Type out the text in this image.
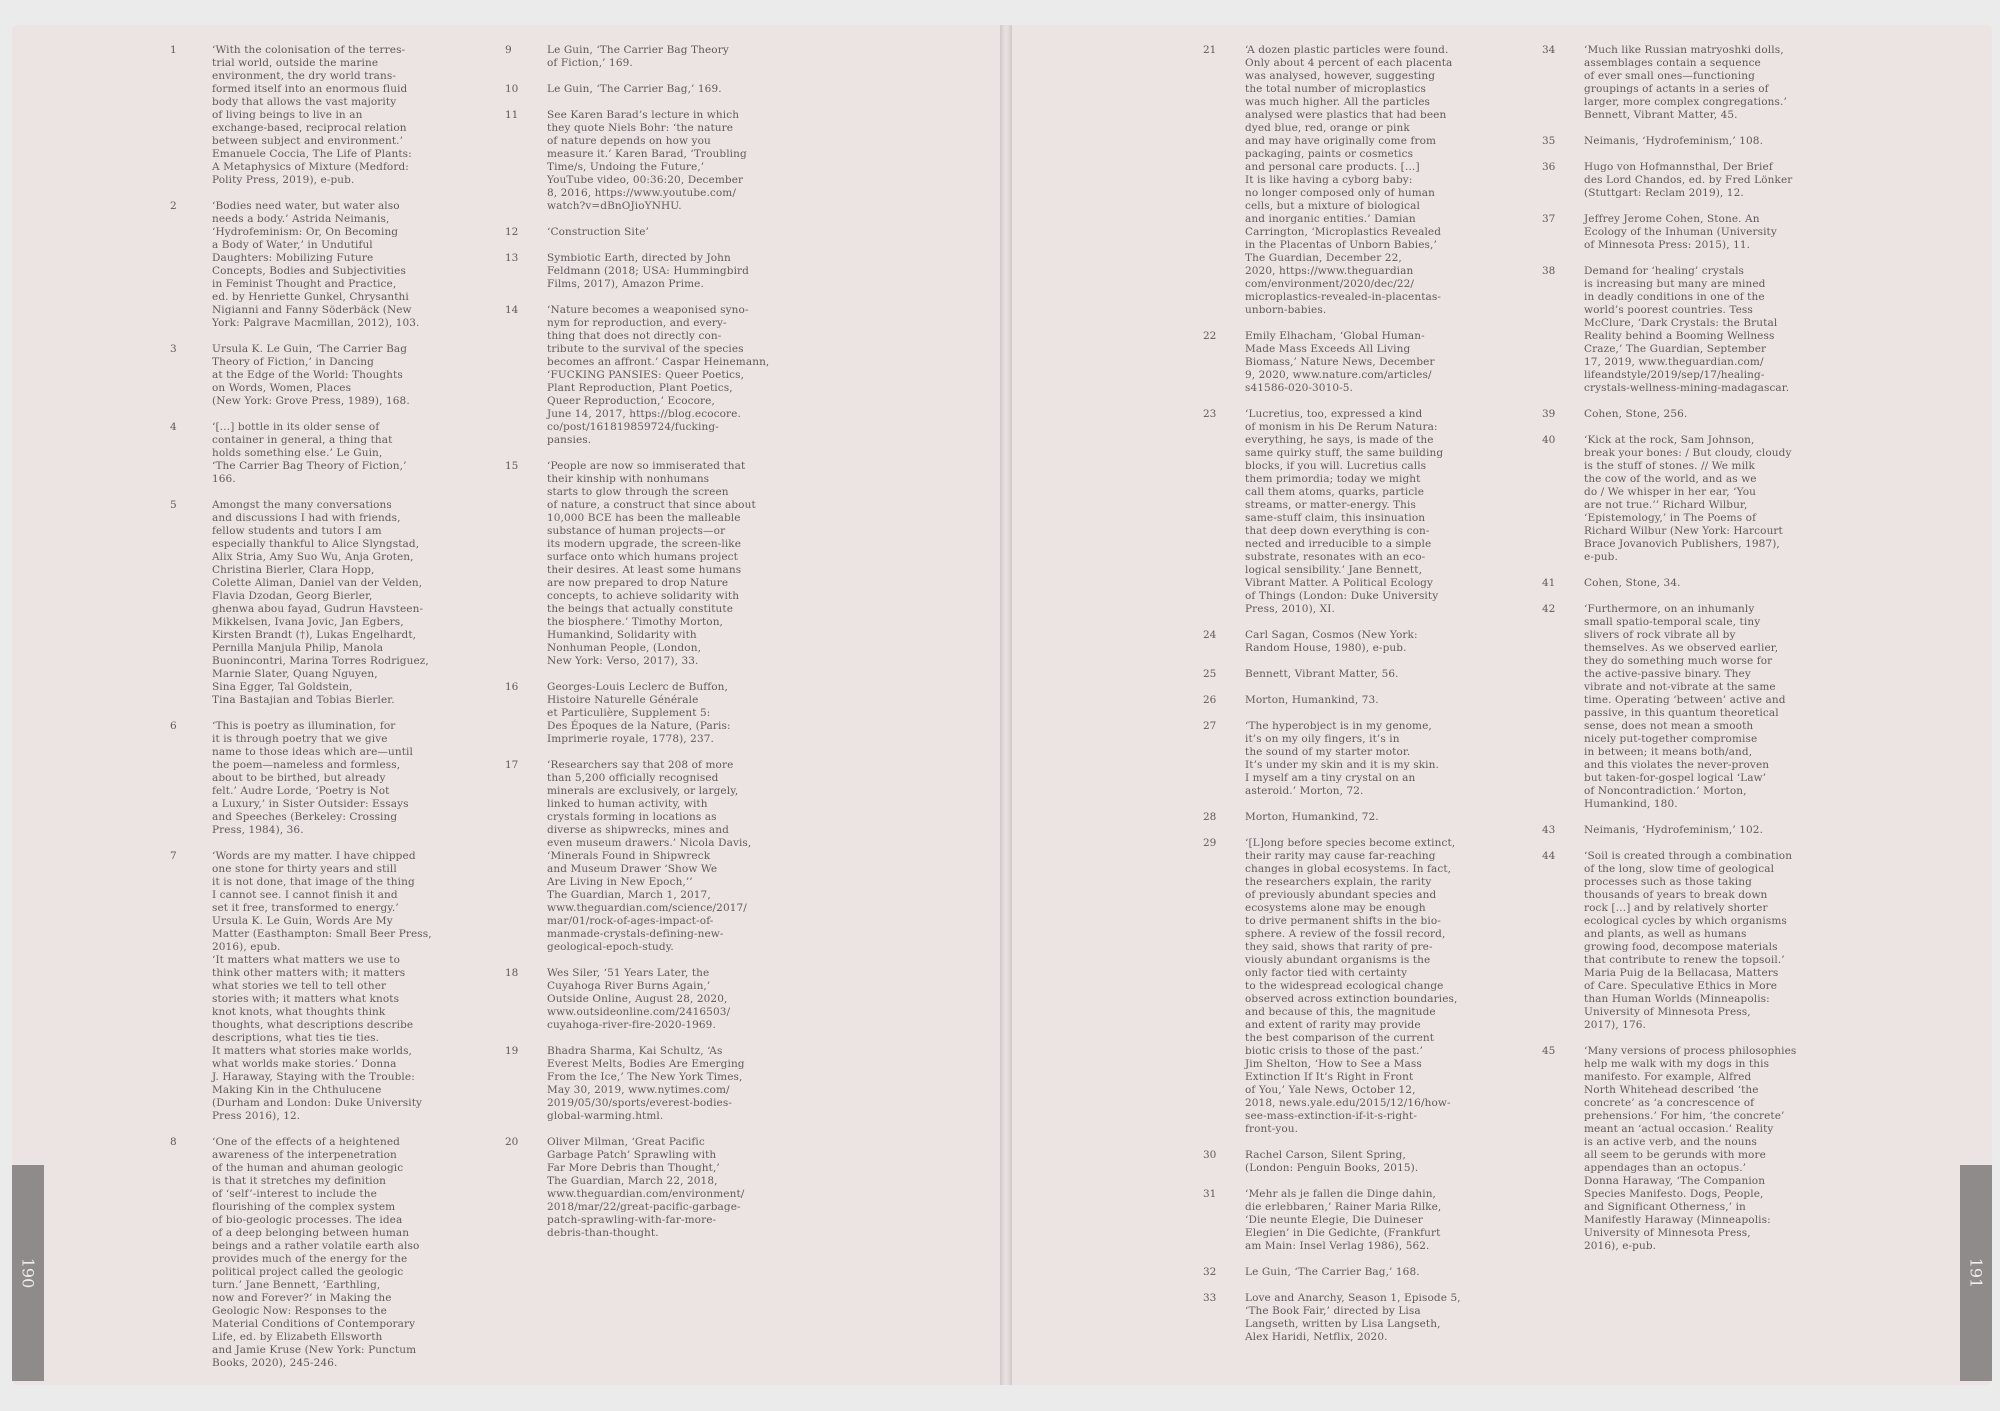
1	‘With the colonisation of the terres-
trial world, outside the marine
environment, the dry world trans-
formed itself into an enormous fluid
body that allows the vast majority
of living beings to live in an
exchange-based, reciprocal relation
between subject and environment.’
Emanuele Coccia, The Life of Plants:
A Metaphysics of Mixture (Medford:
Polity Press, 2019), e-pub.
2	‘Bodies need water, but water also
needs a body.’ Astrida Neimanis,
‘Hydrofeminism: Or, On Becoming
a Body of Water,’ in Undutiful
Daughters: Mobilizing Future
Concepts, Bodies and Subjectivities
in Feminist Thought and Practice,
ed. by Henriette Gunkel, Chrysanthi
Nigianni and Fanny Söderbäck (New
York: Palgrave Macmillan, 2012), 103.
3	Ursula K. Le Guin, ‘The Carrier Bag
Theory of Fiction,’ in Dancing
at the Edge of the World: Thoughts
on Words, Women, Places
(New York: Grove Press, 1989), 168.
4	‘[…] bottle in its older sense of
container in general, a thing that
holds something else.’ Le Guin,
‘The Carrier Bag Theory of Fiction,’
166.
5	Amongst the many conversations
and discussions I had with friends,
fellow students and tutors I am
especially thankful to Alice Slyngstad,
Alix Stria, Amy Suo Wu, Anja Groten,
Christina Bierler, Clara Hopp,
Colette Aliman, Daniel van der Velden,
Flavia Dzodan, Georg Bierler,
ghenwa abou fayad, Gudrun Havsteen-
Mikkelsen, Ivana Jovic, Jan Egbers,
Kirsten Brandt (†), Lukas Engelhardt,
Pernilla Manjula Philip, Manola
Buonincontri, Marina Torres Rodriguez,
Marnie Slater, Quang Nguyen,
Sina Egger, Tal Goldstein,
Tina Bastajian and Tobias Bierler.
6	‘This is poetry as illumination, for
it is through poetry that we give
name to those ideas which are—until
the poem—nameless and formless,
about to be birthed, but already
felt.’ Audre Lorde, ‘Poetry is Not
a Luxury,’ in Sister Outsider: Essays
and Speeches (Berkeley: Crossing
Press, 1984), 36.
7	‘Words are my matter. I have chipped
one stone for thirty years and still
it is not done, that image of the thing
I cannot see. I cannot finish it and
set it free, transformed to energy.’
Ursula K. Le Guin, Words Are My
Matter (Easthampton: Small Beer Press,
2016), epub.
‘It matters what matters we use to
think other matters with; it matters
what stories we tell to tell other
stories with; it matters what knots
knot knots, what thoughts think
thoughts, what descriptions describe
descriptions, what ties tie ties.
It matters what stories make worlds,
what worlds make stories.’ Donna
J. Haraway, Staying with the Trouble:
Making Kin in the Chthulucene
(Durham and London: Duke University
Press 2016), 12.
8	‘One of the effects of a heightened
awareness of the interpenetration
of the human and ahuman geologic
is that it stretches my definition
of ‘self’-interest to include the
flourishing of the complex system
of bio-geologic processes. The idea
of a deep belonging between human
beings and a rather volatile earth also
provides much of the energy for the
political project called the geologic
turn.’ Jane Bennett, ‘Earthling,
now and Forever?’ in Making the
Geologic Now: Responses to the
Material Conditions of Contemporary
Life, ed. by Elizabeth Ellsworth
and Jamie Kruse (New York: Punctum
Books, 2020), 245-246.
9	Le Guin, ‘The Carrier Bag Theory
of Fiction,’ 169.
10	Le Guin, ‘The Carrier Bag,’ 169.
11	See Karen Barad’s lecture in which
they quote Niels Bohr: ‘the nature
of nature depends on how you
measure it.’ Karen Barad, ‘Troubling
Time/s, Undoing the Future,’
YouTube video, 00:36:20, December
8, 2016, https://www.youtube.com/
watch?v=dBnOJioYNHU.
12	‘Construction Site’
13	Symbiotic Earth, directed by John
Feldmann (2018; USA: Hummingbird
Films, 2017), Amazon Prime.
14	‘Nature becomes a weaponised syno-
nym for reproduction, and every-
thing that does not directly con-
tribute to the survival of the species
becomes an affront.’ Caspar Heinemann,
‘FUCKING PANSIES: Queer Poetics,
Plant Reproduction, Plant Poetics,
Queer Reproduction,’ Ecocore,
June 14, 2017, https://blog.ecocore.
co/post/161819859724/fucking-
pansies.
15	‘People are now so immiserated that
their kinship with nonhumans
starts to glow through the screen
of nature, a construct that since about
10,000 BCE has been the malleable
substance of human projects—or
its modern upgrade, the screen-like
surface onto which humans project
their desires. At least some humans
are now prepared to drop Nature
concepts, to achieve solidarity with
the beings that actually constitute
the biosphere.’ Timothy Morton,
Humankind, Solidarity with
Nonhuman People, (London,
New York: Verso, 2017), 33.
16	Georges-Louis Leclerc de Buffon,
Histoire Naturelle Générale
et Particulière, Supplement 5:
Des Époques de la Nature, (Paris:
Imprimerie royale, 1778), 237.
17	‘Researchers say that 208 of more
than 5,200 officially recognised
minerals are exclusively, or largely,
linked to human activity, with
crystals forming in locations as
diverse as shipwrecks, mines and
even museum drawers.’ Nicola Davis,
‘Minerals Found in Shipwreck
and Museum Drawer ‘Show We
Are Living in New Epoch,’’
The Guardian, March 1, 2017,
www.theguardian.com/science/2017/
mar/01/rock-of-ages-impact-of-
manmade-crystals-defining-new-
geological-epoch-study.
18	Wes Siler, ‘51 Years Later, the
Cuyahoga River Burns Again,’
Outside Online, August 28, 2020,
www.outsideonline.com/2416503/
cuyahoga-river-fire-2020-1969.
19	Bhadra Sharma, Kai Schultz, ‘As
Everest Melts, Bodies Are Emerging
From the Ice,’ The New York Times,
May 30, 2019, www.nytimes.com/
2019/05/30/sports/everest-bodies-
global-warming.html.
20	Oliver Milman, ‘Great Pacific
Garbage Patch’ Sprawling with
Far More Debris than Thought,’
The Guardian, March 22, 2018,
www.theguardian.com/environment/
2018/mar/22/great-pacific-garbage-
patch-sprawling-with-far-more-
debris-than-thought.
21	‘A dozen plastic particles were found.
Only about 4 percent of each placenta
was analysed, however, suggesting
the total number of microplastics
was much higher. All the particles
analysed were plastics that had been
dyed blue, red, orange or pink
and may have originally come from
packaging, paints or cosmetics
and personal care products. […]
It is like having a cyborg baby:
no longer composed only of human
cells, but a mixture of biological
and inorganic entities.’ Damian
Carrington, ‘Microplastics Revealed
in the Placentas of Unborn Babies,’
The Guardian, December 22,
2020, https://www.theguardian
com/environment/2020/dec/22/
microplastics-revealed-in-placentas-
unborn-babies.
22	Emily Elhacham, ‘Global Human-
Made Mass Exceeds All Living
Biomass,’ Nature News, December
9, 2020, www.nature.com/articles/
s41586-020-3010-5.
23	‘Lucretius, too, expressed a kind
of monism in his De Rerum Natura:
everything, he says, is made of the
same quirky stuff, the same building
blocks, if you will. Lucretius calls
them primordia; today we might
call them atoms, quarks, particle
streams, or matter-energy. This
same-stuff claim, this insinuation
that deep down everything is con-
nected and irreducible to a simple
substrate, resonates with an eco-
logical sensibility.’ Jane Bennett,
Vibrant Matter. A Political Ecology
of Things (London: Duke University
Press, 2010), XI.
24	Carl Sagan, Cosmos (New York:
Random House, 1980), e-pub.
25	Bennett, Vibrant Matter, 56.
26	Morton, Humankind, 73.
27	‘The hyperobject is in my genome,
it’s on my oily fingers, it’s in
the sound of my starter motor.
It’s under my skin and it is my skin.
I myself am a tiny crystal on an
asteroid.’ Morton, 72.
28	Morton, Humankind, 72.
29	‘[L]ong before species become extinct,
their rarity may cause far-reaching
changes in global ecosystems. In fact,
the researchers explain, the rarity
of previously abundant species and
ecosystems alone may be enough
to drive permanent shifts in the bio-
sphere. A review of the fossil record,
they said, shows that rarity of pre-
viously abundant organisms is the
only factor tied with certainty
to the widespread ecological change
observed across extinction boundaries,
and because of this, the magnitude
and extent of rarity may provide
the best comparison of the current
biotic crisis to those of the past.’
Jim Shelton, ‘How to See a Mass
Extinction If It’s Right in Front
of You,’ Yale News, October 12,
2018, news.yale.edu/2015/12/16/how-
see-mass-extinction-if-it-s-right-
front-you.
30	Rachel Carson, Silent Spring,
(London: Penguin Books, 2015).
31	‘Mehr als je fallen die Dinge dahin,
die erlebbaren,’ Rainer Maria Rilke,
‘Die neunte Elegie, Die Duineser
Elegien’ in Die Gedichte, (Frankfurt
am Main: Insel Verlag 1986), 562.
32	Le Guin, ‘The Carrier Bag,’ 168.
33	Love and Anarchy, Season 1, Episode 5,
‘The Book Fair,’ directed by Lisa
Langseth, written by Lisa Langseth,
Alex Haridi, Netflix, 2020.
34	‘Much like Russian matryoshki dolls,
assemblages contain a sequence
of ever small ones—functioning
groupings of actants in a series of
larger, more complex congregations.’
Bennett, Vibrant Matter, 45.
35	Neimanis, ‘Hydrofeminism,’ 108.
36	Hugo von Hofmannsthal, Der Brief
des Lord Chandos, ed. by Fred Lönker
(Stuttgart: Reclam 2019), 12.
37	Jeffrey Jerome Cohen, Stone. An
Ecology of the Inhuman (University
of Minnesota Press: 2015), 11.
38	Demand for ‘healing’ crystals
is increasing but many are mined
in deadly conditions in one of the
world’s poorest countries. Tess
McClure, ‘Dark Crystals: the Brutal
Reality behind a Booming Wellness
Craze,’ The Guardian, September
17, 2019, www.theguardian.com/
lifeandstyle/2019/sep/17/healing-
crystals-wellness-mining-madagascar.
39	Cohen, Stone, 256.
40	‘Kick at the rock, Sam Johnson,
break your bones: / But cloudy, cloudy
is the stuff of stones. // We milk
the cow of the world, and as we
do / We whisper in her ear, ‘You
are not true.’’ Richard Wilbur,
‘Epistemology,’ in The Poems of
Richard Wilbur (New York: Harcourt
Brace Jovanovich Publishers, 1987),
e-pub.
41	Cohen, Stone, 34.
42	‘Furthermore, on an inhumanly
small spatio-temporal scale, tiny
slivers of rock vibrate all by
themselves. As we observed earlier,
they do something much worse for
the active-passive binary. They
vibrate and not-vibrate at the same
time. Operating ‘between’ active and
passive, in this quantum theoretical
sense, does not mean a smooth
nicely put-together compromise
in between; it means both/and,
and this violates the never-proven
but taken-for-gospel logical ‘Law’
of Noncontradiction.’ Morton,
Humankind, 180.
43	Neimanis, ‘Hydrofeminism,’ 102.
44	‘Soil is created through a combination
of the long, slow time of geological
processes such as those taking
thousands of years to break down
rock […] and by relatively shorter
ecological cycles by which organisms
and plants, as well as humans
growing food, decompose materials
that contribute to renew the topsoil.’
Maria Puig de la Bellacasa, Matters
of Care. Speculative Ethics in More
than Human Worlds (Minneapolis:
University of Minnesota Press,
2017), 176.
45	‘Many versions of process philosophies
help me walk with my dogs in this
manifesto. For example, Alfred
North Whitehead described ‘the
concrete’ as ‘a concrescence of
prehensions.’ For him, ‘the concrete’
meant an ‘actual occasion.’ Reality
is an active verb, and the nouns
all seem to be gerunds with more
appendages than an octopus.’
Donna Haraway, ‘The Companion
Species Manifesto. Dogs, People,
and Significant Otherness,’ in
Manifestly Haraway (Minneapolis:
University of Minnesota Press,
2016), e-pub.
190	191
